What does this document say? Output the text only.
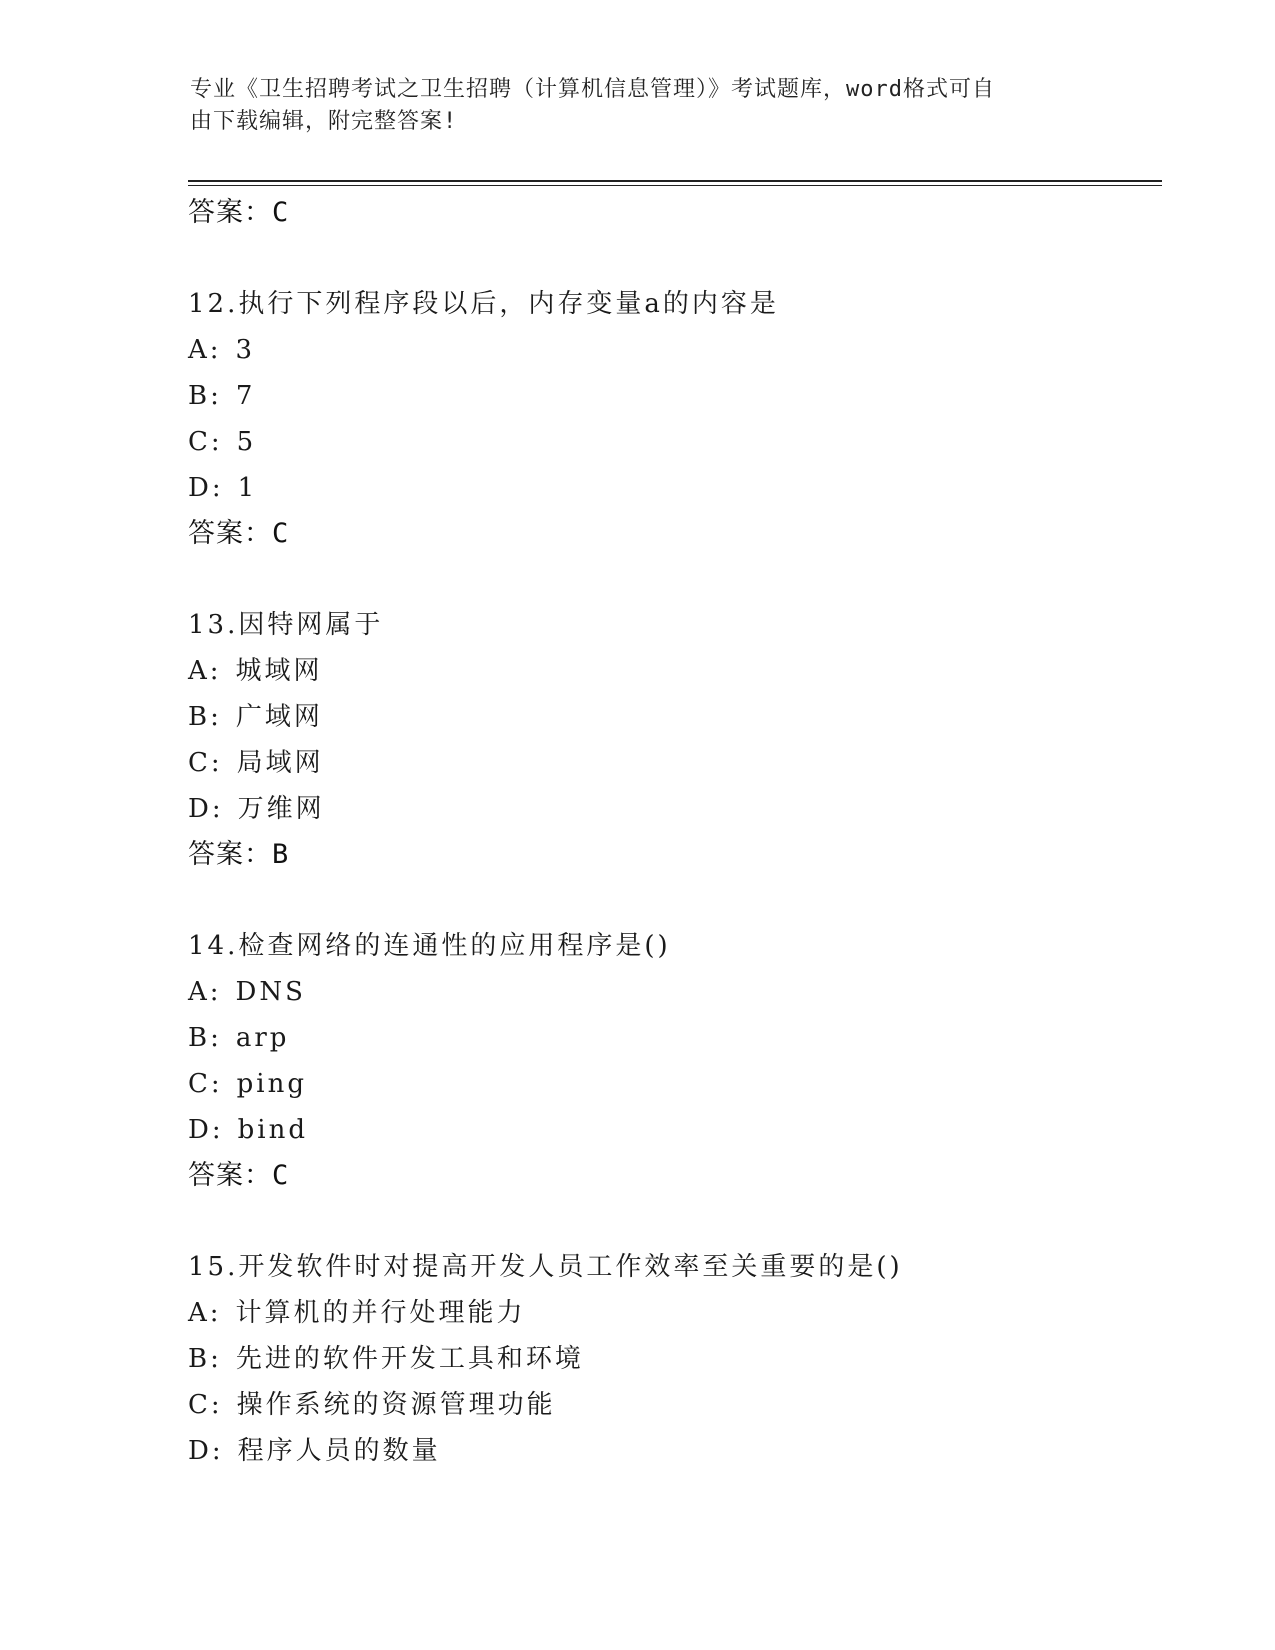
专业《卫生招聘考试之卫生招聘（计算机信息管理）》考试题库，word格式可自
由下载编辑，附完整答案!
答案：C
12.执行下列程序段以后，内存变量a的内容是
A: 3
B: 7
C: 5
D: 1
答案：C
13.因特网属于
A: 城域网
B: 广域网
C: 局域网
D: 万维网
答案：B
14.检查网络的连通性的应用程序是()
A: DNS
B: arp
C: ping
D: bind
答案：C
15.开发软件时对提高开发人员工作效率至关重要的是()
A: 计算机的并行处理能力
B: 先进的软件开发工具和环境
C: 操作系统的资源管理功能
D: 程序人员的数量
